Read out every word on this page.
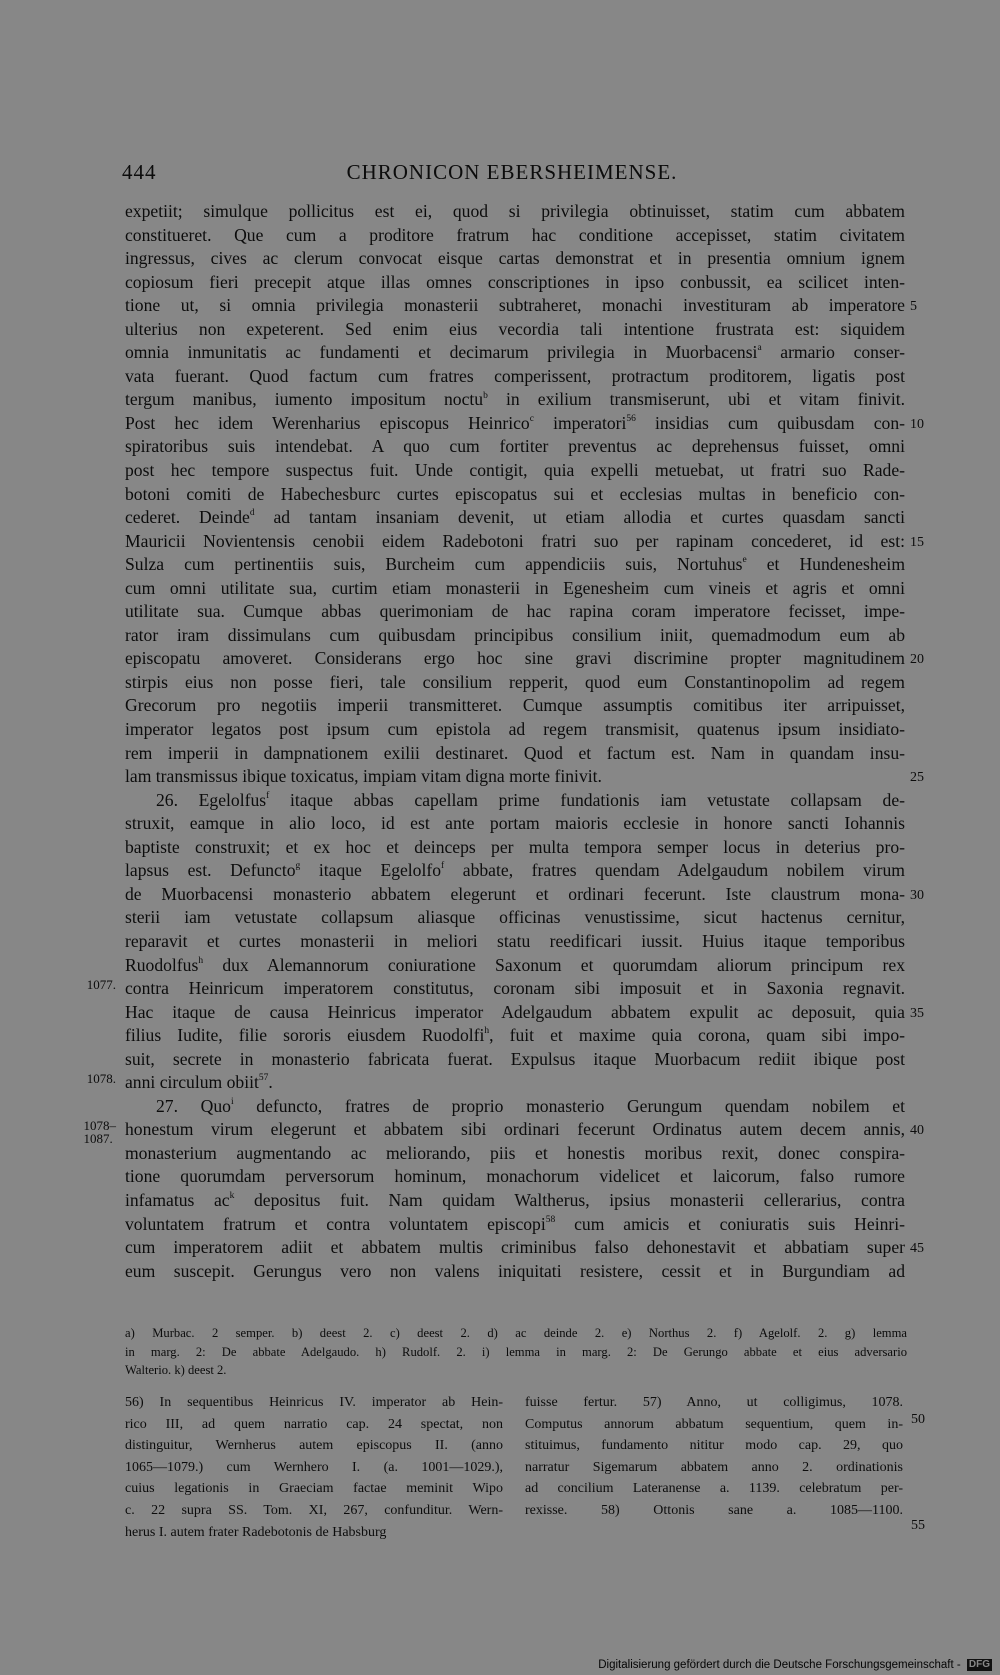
444	CHRONICON EBERSHEIMENSE.
expetiit; simulque pollicitus est ei, quod si privilegia obtinuisset, statim cum abbatem
constitueret. Que cum a proditore fratrum hac conditione accepisset, statim civitatem
ingressus, cives ac clerum convocat eisque cartas demonstrat et in presentia omnium ignem
copiosum fieri precepit atque illas omnes conscriptiones in ipso conbussit, ea scilicet inten-
tione ut, si omnia privilegia monasterii subtraheret, monachi investituram ab imperatore 5
ulterius non expeterent. Sed enim eius vecordia tali intentione frustrata est: siquidem
omnia inmunitatis ac fundamenti et decimarum privilegia in Muorbacensi$^a$ armario conser-
vata fuerant. Quod factum cum fratres comperissent, protractum proditorem, ligatis post
tergum manibus, iumento impositum noctu$^b$ in exilium transmiserunt, ubi et vitam finivit.
Post hec idem Werenharius episcopus Heinrico$^c$ imperatori$^{56}$ insidias cum quibusdam con- 10
spiratoribus suis intendebat. A quo cum fortiter preventus ac deprehensus fuisset, omni
post hec tempore suspectus fuit. Unde contigit, quia expelli metuebat, ut fratri suo Rade-
botoni comiti de Habechesburc curtes episcopatus sui et ecclesias multas in beneficio con-
cederet. Deinde$^d$ ad tantam insaniam devenit, ut etiam allodia et curtes quasdam sancti
Mauricii Novientensis cenobii eidem Radebotoni fratri suo per rapinam concederet, id est: 15
Sulza cum pertinentiis suis, Burcheim cum appendiciis suis, Nortuhus$^e$ et Hundenesheim
cum omni utilitate sua, curtim etiam monasterii in Egenesheim cum vineis et agris et omni
utilitate sua. Cumque abbas querimoniam de hac rapina coram imperatore fecisset, impe-
rator iram dissimulans cum quibusdam principibus consilium iniit, quemadmodum eum ab
episcopatu amoveret. Considerans ergo hoc sine gravi discrimine propter magnitudinem 20
stirpis eius non posse fieri, tale consilium repperit, quod eum Constantinopolim ad regem
Grecorum pro negotiis imperii transmitteret. Cumque assumptis comitibus iter arripuisset,
imperator legatos post ipsum cum epistola ad regem transmisit, quatenus ipsum insidiato-
rem imperii in dampnationem exilii destinaret. Quod et factum est. Nam in quandam insu-
lam transmissus ibique toxicatus, impiam vitam digna morte finivit.	25
26. Egelolfus$^f$ itaque abbas capellam prime fundationis iam vetustate collapsam de-
struxit, eamque in alio loco, id est ante portam maioris ecclesie in honore sancti Iohannis
baptiste construxit; et ex hoc et deinceps per multa tempora semper locus in deterius pro-
lapsus est. Defuncto$^g$ itaque Egelolfo$^f$ abbate, fratres quendam Adelgaudum nobilem virum
de Muorbacensi monasterio abbatem elegerunt et ordinari fecerunt. Iste claustrum mona- 30
sterii iam vetustate collapsum aliasque officinas venustissime, sicut hactenus cernitur,
reparavit et curtes monasterii in meliori statu reedificari iussit. Huius itaque temporibus
Ruodolfus$^h$ dux Alemannorum coniuratione Saxonum et quorumdam aliorum principum rex
contra Heinricum imperatorem constitutus, coronam sibi imposuit et in Saxonia regnavit.
1077.
Hac itaque de causa Heinricus imperator Adelgaudum abbatem expulit ac deposuit, quia 35
filius Iudite, filie sororis eiusdem Ruodolfi$^h$, fuit et maxime quia corona, quam sibi impo-
suit, secrete in monasterio fabricata fuerat. Expulsus itaque Muorbacum rediit ibique post
anni circulum obiit$^{57}$.
1078.
27. Quo$^i$ defuncto, fratres de proprio monasterio Gerungum quendam nobilem et
honestum virum elegerunt et abbatem sibi ordinari fecerunt Ordinatus autem decem annis, 40
1078–
1087.
monasterium augmentando ac meliorando, piis et honestis moribus rexit, donec conspira-
tione quorumdam perversorum hominum, monachorum videlicet et laicorum, falso rumore
infamatus $ac^k$ depositus fuit. Nam quidam Waltherus, ipsius monasterii cellerarius, contra
voluntatem fratrum et contra voluntatem episcopi$^{58}$ cum amicis et coniuratis suis Heinri-
cum imperatorem adiit et abbatem multis criminibus falso dehonestavit et abbatiam super 45
eum suscepit. Gerungus vero non valens iniquitati resistere, cessit et in Burgundiam ad
a) Murbac. 2 semper. b) deest 2. c) deest 2. d) ac deinde 2. e) Northus 2. f) Agelolf. 2. g) lemma
in marg. 2: De abbate Adelgaudo. h) Rudolf. 2. i) lemma in marg. 2: De Gerungo abbate et eius adversario
Walterio. k) deest 2.
56) In sequentibus Heinricus IV. imperator ab Hein-
rico III, ad quem narratio cap. 24 spectat, non
distinguitur, Wernherus autem episcopus II. (anno
1065—1079.) cum Wernhero I. (a. 1001—1029.),
cuius legationis in Graeciam factae meminit Wipo
c. 22 supra SS. Tom. XI, 267, confunditur. Wern-
herus I. autem frater Radebotonis de Habsburg
fuisse fertur. 57) Anno, ut colligimus, 1078.
Computus annorum abbatum sequentium, quem in-
stituimus, fundamento nititur modo cap. 29, quo
narratur Sigemarum abbatem anno 2. ordinationis
ad concilium Lateranense a. 1139. celebratum per-
rexisse. 58) Ottonis sane a. 1085—1100.
50
55
Digitalisierung gefördert durch die Deutsche Forschungsgemeinschaft - DFG
